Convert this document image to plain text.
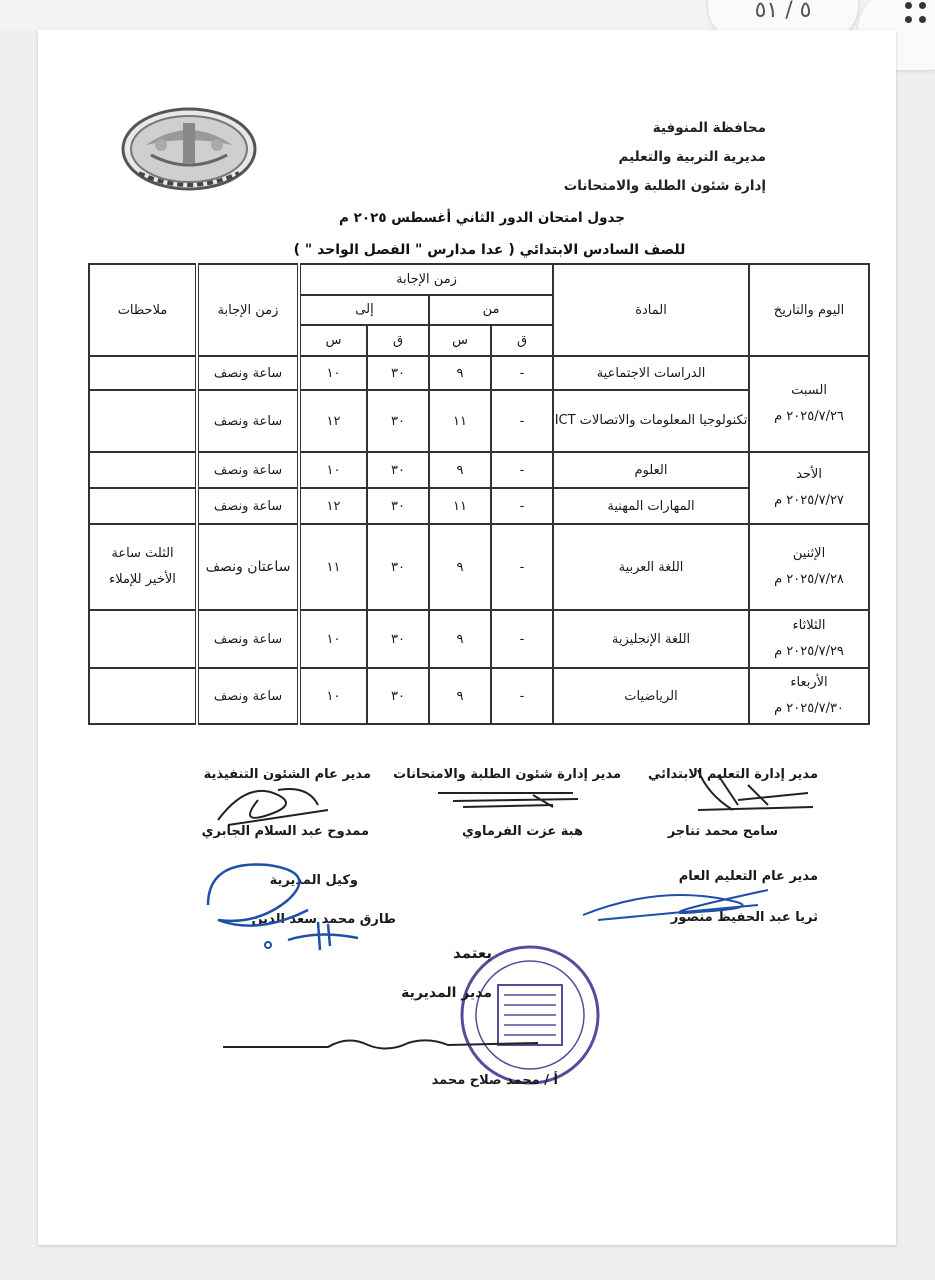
٥ / ٥١
محافظة المنوفية
مديرية التربية والتعليم
إدارة شئون الطلبة والامتحانات
جدول امتحان الدور الثاني أغسطس ٢٠٢٥ م
للصف السادس الابتدائي ( عدا مدارس " الفصل الواحد " )
اليوم والتاريخ	المادة	زمن الإجابة				زمن الإجابة	ملاحظات
		من		إلى			
		ق	س	ق	س		

السبت
٢٠٢٥/٧/٢٦ م	الدراسات الاجتماعية	-	٩	٣٠	١٠	ساعة ونصف	
	تكنولوجيا المعلومات والاتصالات ICT	-	١١	٣٠	١٢	ساعة ونصف	

الأحد
٢٠٢٥/٧/٢٧ م	العلوم	-	٩	٣٠	١٠	ساعة ونصف	
	المهارات المهنية	-	١١	٣٠	١٢	ساعة ونصف	

الإثنين
٢٠٢٥/٧/٢٨ م	اللغة العربية	-	٩	٣٠	١١	ساعتان ونصف	الثلث ساعة الأخير للإملاء

الثلاثاء
٢٠٢٥/٧/٢٩ م	اللغة الإنجليزية	-	٩	٣٠	١٠	ساعة ونصف	

الأربعاء
٢٠٢٥/٧/٣٠ م	الرياضيات	-	٩	٣٠	١٠	ساعة ونصف	
مدير إدارة التعليم الابتدائي
مدير إدارة شئون الطلبة والامتحانات
مدير عام الشئون التنفيذية
سامح محمد تناجر
هبة عزت الفرماوي
ممدوح عبد السلام الجابري
مدير عام التعليم العام
ثريا عبد الحفيظ منصور
وكيل المديرية
طارق محمد سعد الدين
يعتمد
مدير المديرية
أ / محمد صلاح محمد
